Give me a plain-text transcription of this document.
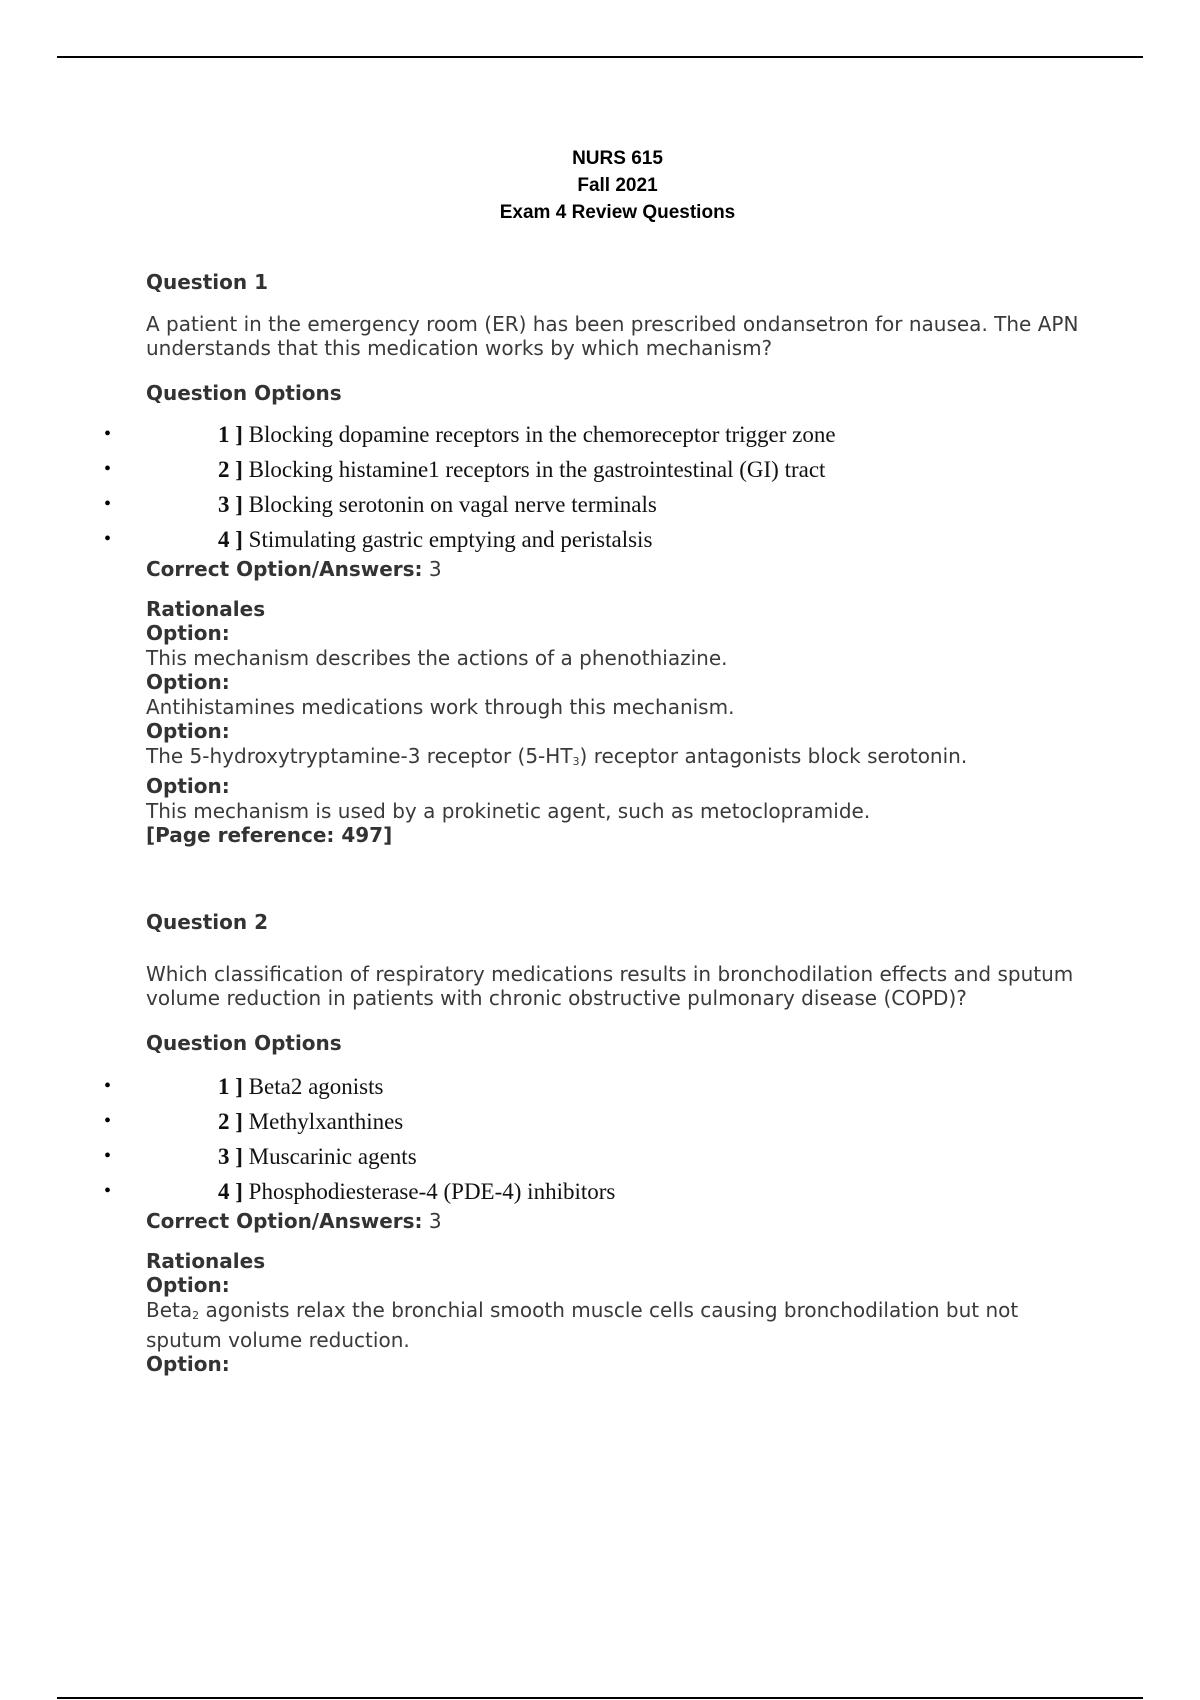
NURS 615
Fall 2021
Exam 4 Review Questions

Question 1

A patient in the emergency room (ER) has been prescribed ondansetron for nausea. The APN understands that this medication works by which mechanism?

Question Options

•	1 ] Blocking dopamine receptors in the chemoreceptor trigger zone
•	2 ] Blocking histamine1 receptors in the gastrointestinal (GI) tract
•	3 ] Blocking serotonin on vagal nerve terminals
•	4 ] Stimulating gastric emptying and peristalsis

Correct Option/Answers: 3

Rationales

Option:

This mechanism describes the actions of a phenothiazine.

Option:

Antihistamines medications work through this mechanism.

Option:

The 5-hydroxytryptamine-3 receptor (5-HT3) receptor antagonists block serotonin.

Option:

This mechanism is used by a prokinetic agent, such as metoclopramide.

[Page reference: 497]

Question 2

Which classification of respiratory medications results in bronchodilation effects and sputum volume reduction in patients with chronic obstructive pulmonary disease (COPD)?

Question Options

•	1 ] Beta2 agonists
•	2 ] Methylxanthines
•	3 ] Muscarinic agents
•	4 ] Phosphodiesterase-4 (PDE-4) inhibitors

Correct Option/Answers: 3

Rationales

Option:

Beta2 agonists relax the bronchial smooth muscle cells causing bronchodilation but not sputum volume reduction.

Option:
